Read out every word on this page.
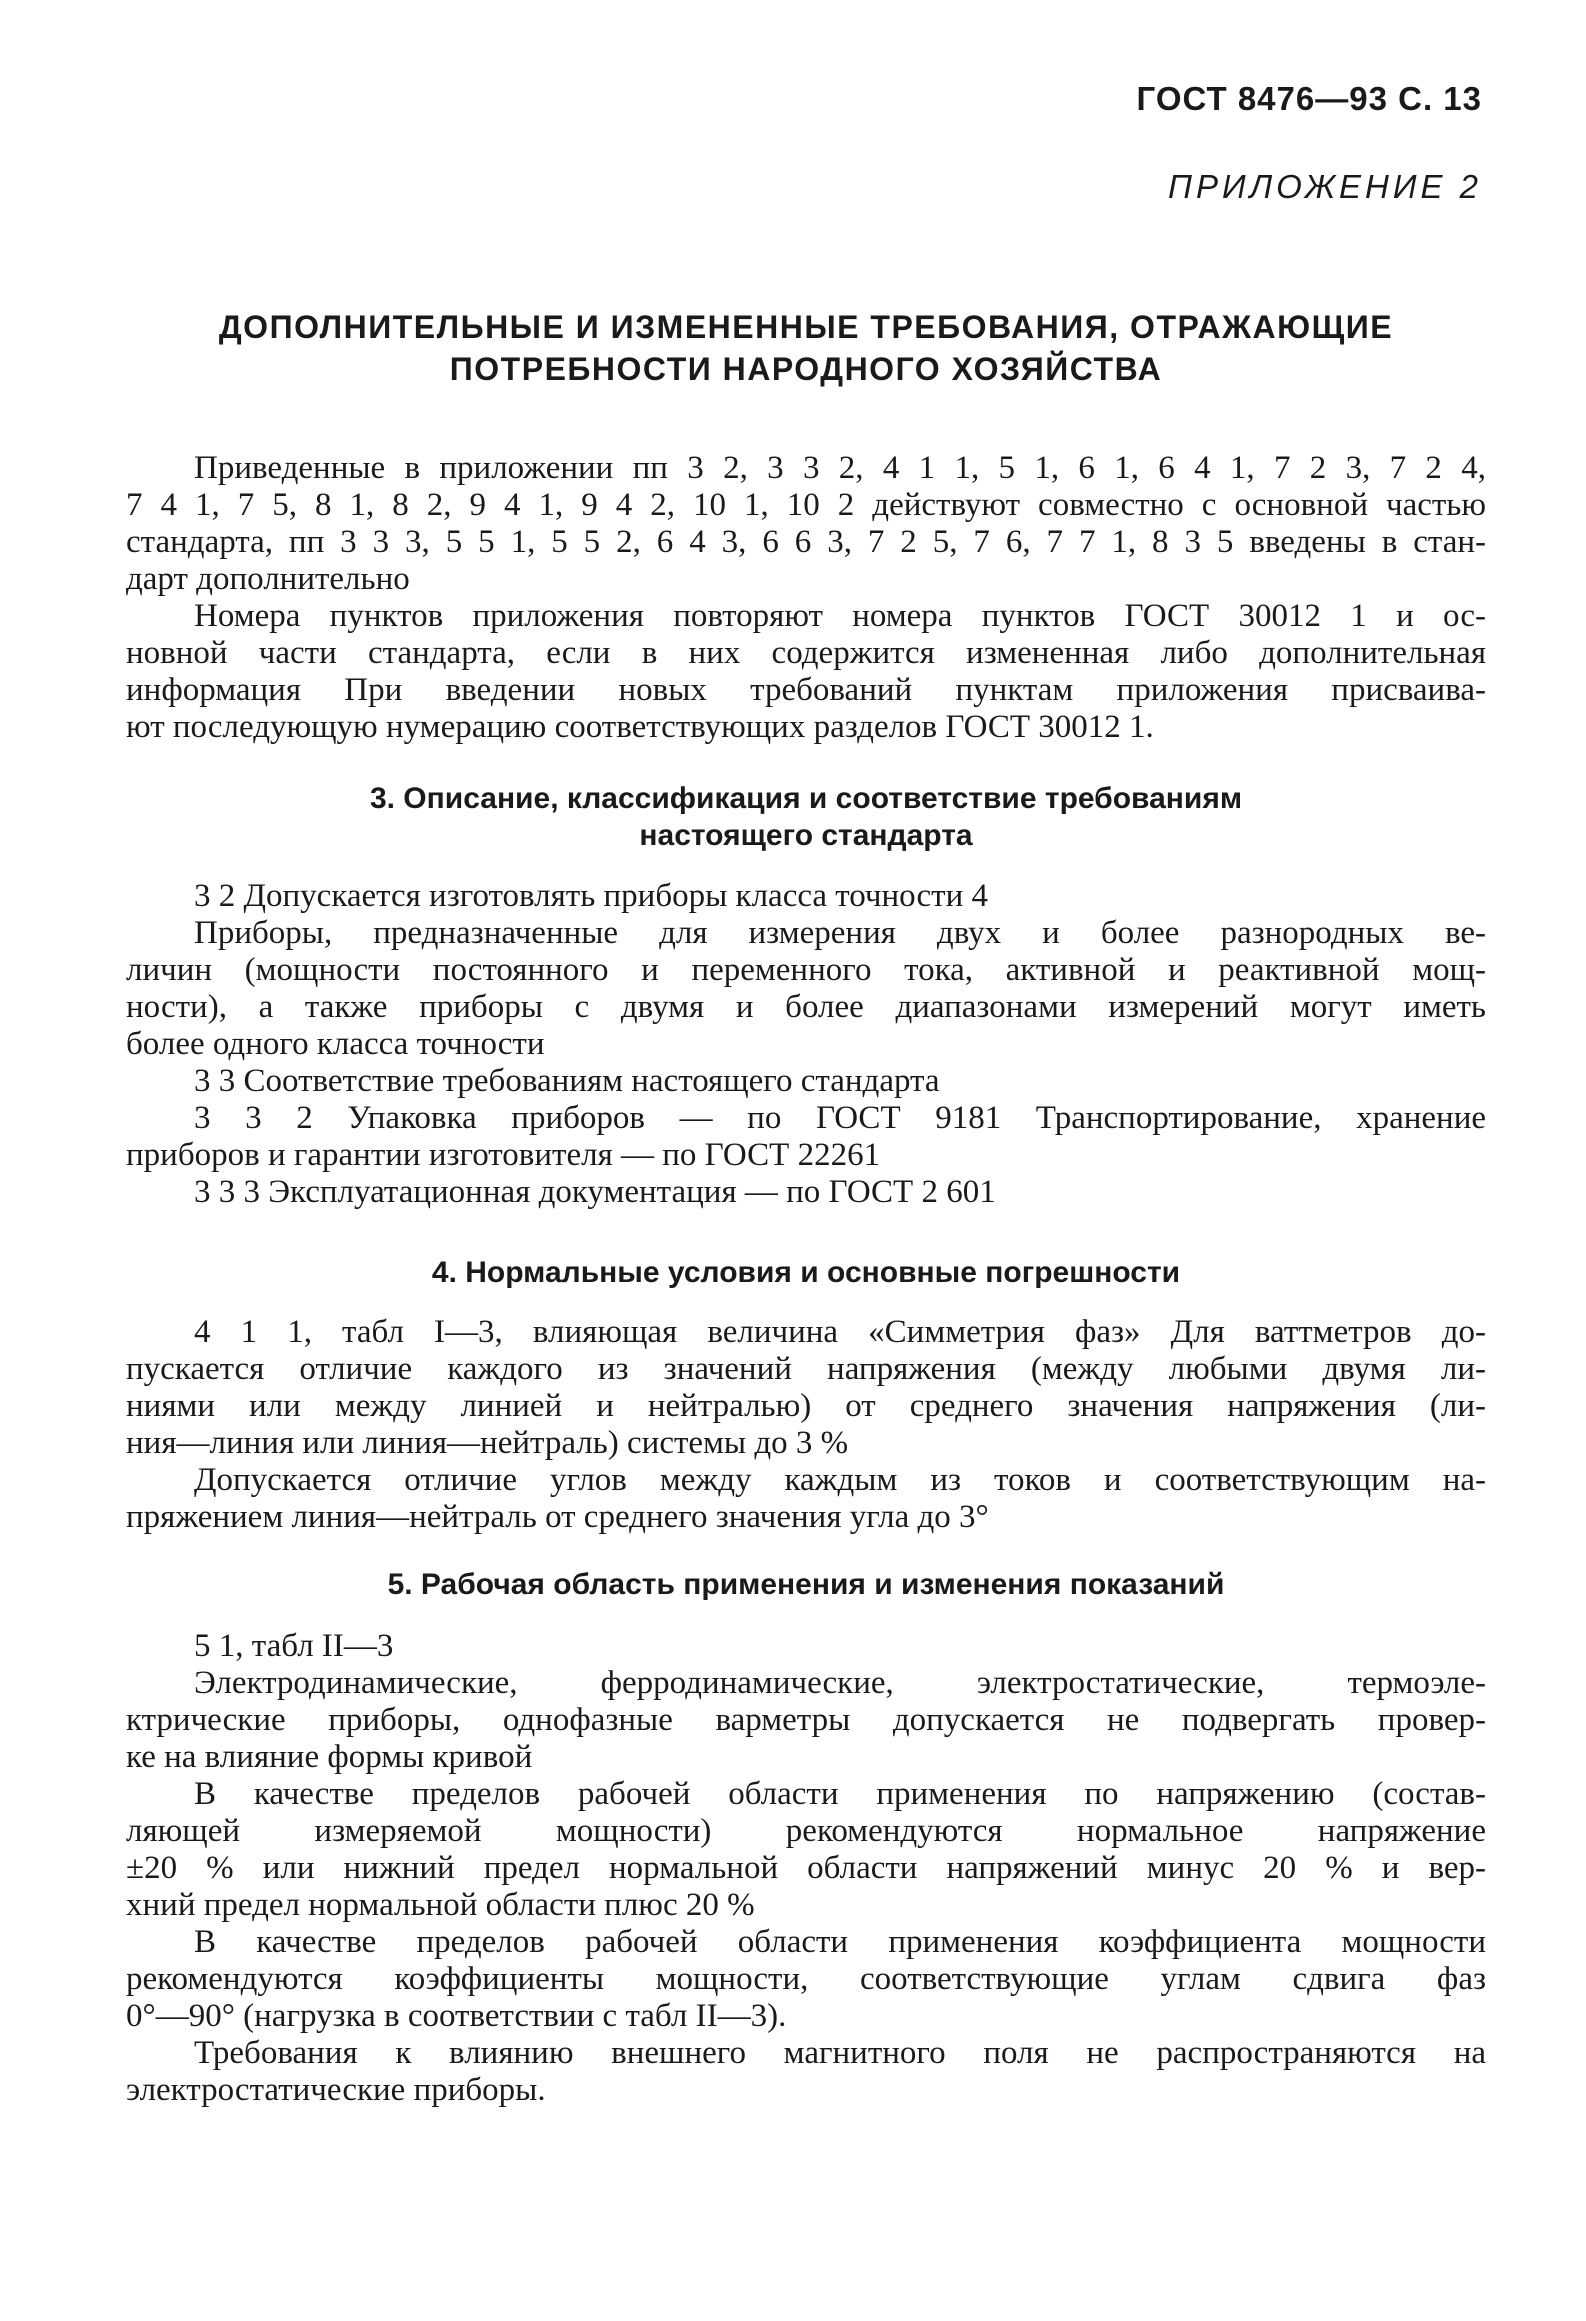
ГОСТ 8476—93 С. 13
ПРИЛОЖЕНИЕ 2
ДОПОЛНИТЕЛЬНЫЕ И ИЗМЕНЕННЫЕ ТРЕБОВАНИЯ, ОТРАЖАЮЩИЕ
ПОТРЕБНОСТИ НАРОДНОГО ХОЗЯЙСТВА
Приведенные в приложении пп 3 2, 3 3 2, 4 1 1, 5 1, 6 1, 6 4 1, 7 2 3, 7 2 4,
7 4 1, 7 5, 8 1, 8 2, 9 4 1, 9 4 2, 10 1, 10 2 действуют совместно с основной частью
стандарта, пп 3 3 3, 5 5 1, 5 5 2, 6 4 3, 6 6 3, 7 2 5, 7 6, 7 7 1, 8 3 5 введены в стан-
дарт дополнительно
Номера пунктов приложения повторяют номера пунктов ГОСТ 30012 1 и ос-
новной части стандарта, если в них содержится измененная либо дополнительная
информация При введении новых требований пунктам приложения присваива-
ют последующую нумерацию соответствующих разделов ГОСТ 30012 1.
3. Описание, классификация и соответствие требованиям
настоящего стандарта
3 2 Допускается изготовлять приборы класса точности 4
Приборы, предназначенные для измерения двух и более разнородных ве-
личин (мощности постоянного и переменного тока, активной и реактивной мощ-
ности), а также приборы с двумя и более диапазонами измерений могут иметь
более одного класса точности
3 3 Соответствие требованиям настоящего стандарта
3 3 2 Упаковка приборов — по ГОСТ 9181 Транспортирование, хранение
приборов и гарантии изготовителя — по ГОСТ 22261
3 3 3 Эксплуатационная документация — по ГОСТ 2 601
4. Нормальные условия и основные погрешности
4 1 1, табл I—3, влияющая величина «Симметрия фаз» Для ваттметров до-
пускается отличие каждого из значений напряжения (между любыми двумя ли-
ниями или между линией и нейтралью) от среднего значения напряжения (ли-
ния—линия или линия—нейтраль) системы до 3 %
Допускается отличие углов между каждым из токов и соответствующим на-
пряжением линия—нейтраль от среднего значения угла до 3°
5. Рабочая область применения и изменения показаний
5 1, табл II—3
Электродинамические, ферродинамические, электростатические, термоэле-
ктрические приборы, однофазные варметры допускается не подвергать провер-
ке на влияние формы кривой
В качестве пределов рабочей области применения по напряжению (состав-
ляющей измеряемой мощности) рекомендуются нормальное напряжение
±20 % или нижний предел нормальной области напряжений минус 20 % и вер-
хний предел нормальной области плюс 20 %
В качестве пределов рабочей области применения коэффициента мощности
рекомендуются коэффициенты мощности, соответствующие углам сдвига фаз
0°—90° (нагрузка в соответствии с табл II—3).
Требования к влиянию внешнего магнитного поля не распространяются на
электростатические приборы.
